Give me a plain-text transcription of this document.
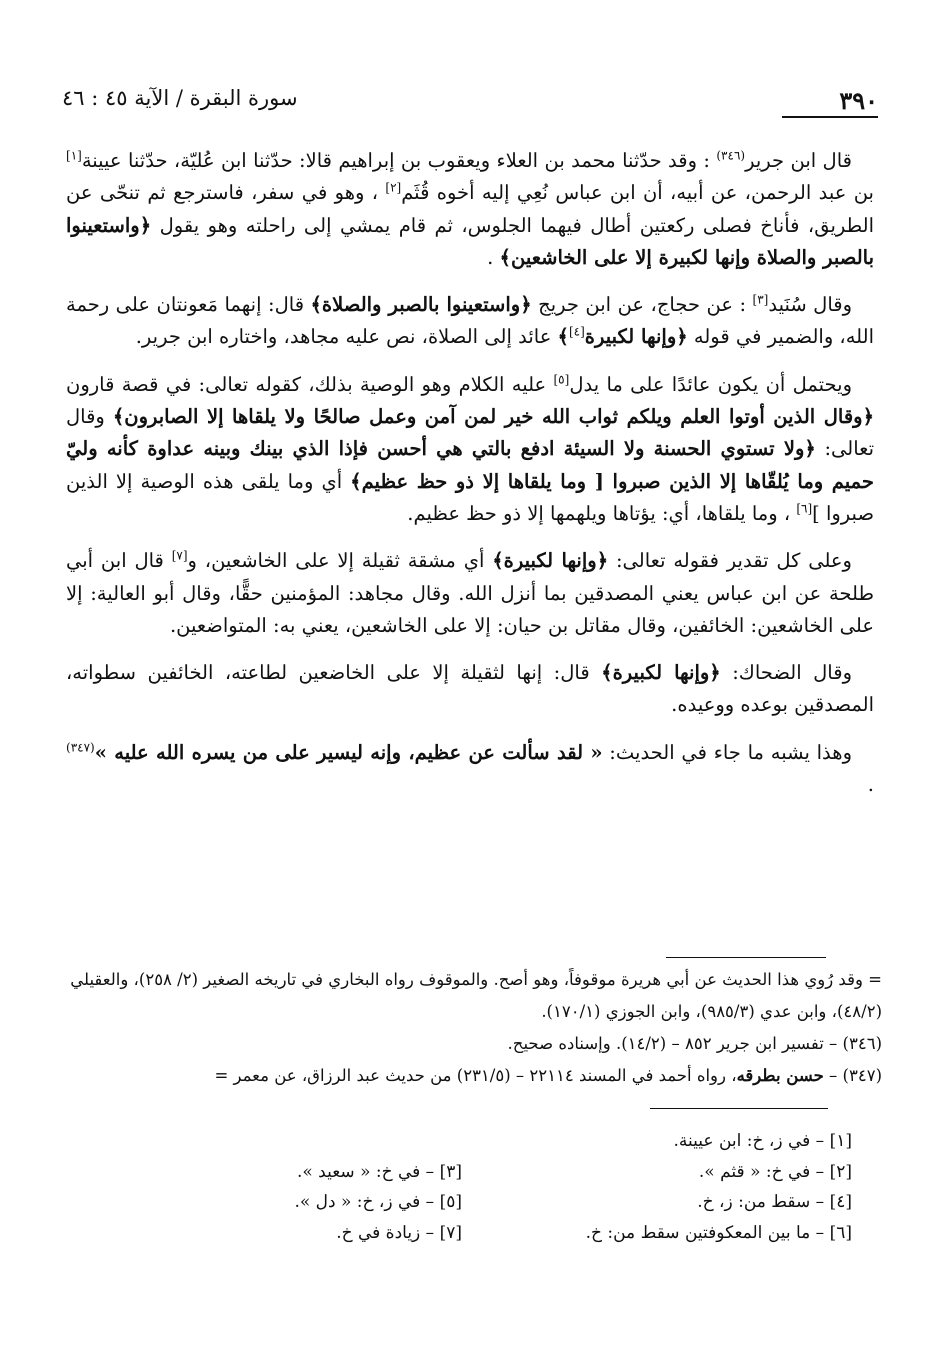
٣٩٠
سورة البقرة / الآية ٤٥ : ٤٦

قال ابن جرير$^{(٣٤٦)}$ : وقد حدّثنا محمد بن العلاء ويعقوب بن إبراهيم قالا: حدّثنا ابن عُليّة، حدّثنا عيينة[١] بن عبد الرحمن، عن أبيه، أن ابن عباس نُعِي إليه أخوه قُثَم[٢] ، وهو في سفر، فاسترجع ثم تنحّى عن الطريق، فأناخ فصلى ركعتين أطال فيهما الجلوس، ثم قام يمشي إلى راحلته وهو يقول ﴿واستعينوا بالصبر والصلاة وإنها لكبيرة إلا على الخاشعين﴾ .

وقال سُنَيد[٣] : عن حجاج، عن ابن جريج ﴿واستعينوا بالصبر والصلاة﴾ قال: إنهما مَعونتان على رحمة الله، والضمير في قوله ﴿وإنها لكبيرة[٤]﴾ عائد إلى الصلاة، نص عليه مجاهد، واختاره ابن جرير.

ويحتمل أن يكون عائدًا على ما يدل[٥] عليه الكلام وهو الوصية بذلك، كقوله تعالى: في قصة قارون ﴿وقال الذين أوتوا العلم ويلكم ثواب الله خير لمن آمن وعمل صالحًا ولا يلقاها إلا الصابرون﴾ وقال تعالى: ﴿ولا تستوي الحسنة ولا السيئة ادفع بالتي هي أحسن فإذا الذي بينك وبينه عداوة كأنه وليّ حميم وما يُلقّاها إلا الذين صبروا [ وما يلقاها إلا ذو حظ عظيم﴾ أي وما يلقى هذه الوصية إلا الذين صبروا ][٦] ، وما يلقاها، أي: يؤتاها ويلهمها إلا ذو حظ عظيم.

وعلى كل تقدير فقوله تعالى: ﴿وإنها لكبيرة﴾ أي مشقة ثقيلة إلا على الخاشعين، و[٧] قال ابن أبي طلحة عن ابن عباس يعني المصدقين بما أنزل الله. وقال مجاهد: المؤمنين حقًّا، وقال أبو العالية: إلا على الخاشعين: الخائفين، وقال مقاتل بن حيان: إلا على الخاشعين، يعني به: المتواضعين.

وقال الضحاك: ﴿وإنها لكبيرة﴾ قال: إنها لثقيلة إلا على الخاضعين لطاعته، الخائفين سطواته، المصدقين بوعده ووعيده.

وهذا يشبه ما جاء في الحديث: « لقد سألت عن عظيم، وإنه ليسير على من يسره الله عليه »$^{(٣٤٧)}$ .

= وقد رُوي هذا الحديث عن أبي هريرة موقوفاً، وهو أصح. والموقوف رواه البخاري في تاريخه الصغير (٢/ ٢٥٨)، والعقيلي (٤٨/٢)، وابن عدي (٩٨٥/٣)، وابن الجوزي (١٧٠/١).

(٣٤٦) – تفسير ابن جرير ٨٥٢ – (١٤/٢). وإسناده صحيح.

(٣٤٧) – حسن بطرقه، رواه أحمد في المسند ٢٢١١٤ – (٢٣١/٥) من حديث عبد الرزاق، عن معمر =

[١] – في ز، خ: ابن عيينة.
[٢] – في خ: « قثم ».
[٣] – في خ: « سعيد ».
[٤] – سقط من: ز، خ.
[٥] – في ز، خ: « دل ».
[٦] – ما بين المعكوفتين سقط من: خ.
[٧] – زيادة في خ.
